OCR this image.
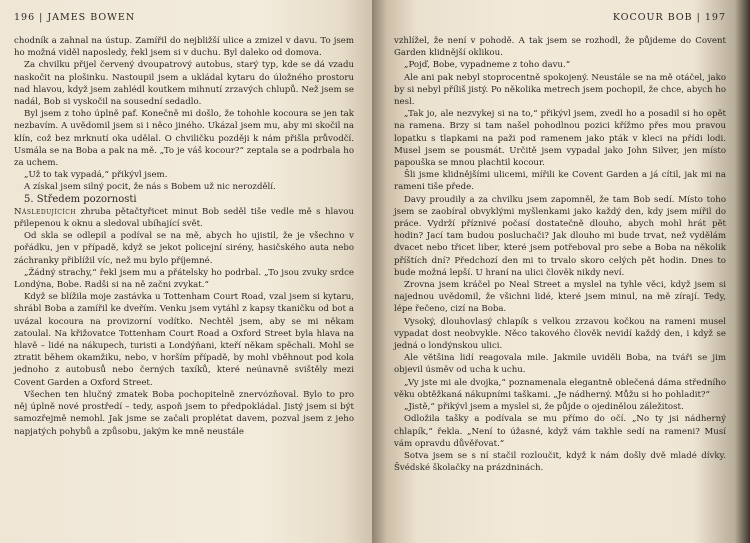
196 | JAMES BOWEN

chodník a zahnal na ústup. Zamířil do nejbližší ulice a zmizel v davu. To jsem ho možná viděl naposledy, řekl jsem si v duchu. Byl daleko od domova.

Za chvilku přijel červený dvoupatrový autobus, starý typ, kde se dá vzadu naskočit na plošinku. Nastoupil jsem a ukládal kytaru do úložného prostoru nad hlavou, když jsem zahlédl koutkem mihnutí zrzavých chlupů. Než jsem se nadál, Bob si vyskočil na sousední sedadlo.

Byl jsem z toho úplně paf. Konečně mi došlo, že tohohle kocoura se jen tak nezbavím. A uvědomil jsem si i něco jiného. Ukázal jsem mu, aby mi skočil na klín, což bez mrknutí oka udělal. O chviličku později k nám přišla průvodčí. Usmála se na Boba a pak na mě. „To je váš kocour?“ zeptala se a podrbala ho za uchem.

„Už to tak vypadá,“ přikývl jsem.

A získal jsem silný pocit, že nás s Bobem už nic nerozdělí.

5. Středem pozornosti

Následujících zhruba pětačtyřicet minut Bob seděl tiše vedle mě s hlavou přilepenou k oknu a sledoval ubíhající svět.

Od skla se odlepil a podíval se na mě, abych ho ujistil, že je všechno v pořádku, jen v případě, když se jekot policejní sirény, hasičského auta nebo záchranky přiblížil víc, než mu bylo příjemné.

„Žádný strachy,“ řekl jsem mu a přátelsky ho podrbal. „To jsou zvuky srdce Londýna, Bobe. Radši si na ně začni zvykat.“

Když se blížila moje zastávka u Tottenham Court Road, vzal jsem si kytaru, shrábl Boba a zamířil ke dveřím. Venku jsem vytáhl z kapsy tkaničku od bot a uvázal kocoura na provizorní vodítko. Nechtěl jsem, aby se mi někam zatoulal. Na křižovatce Tottenham Court Road a Oxford Street byla hlava na hlavě – lidé na nákupech, turisti a Londýňani, kteří někam spěchali. Mohl se ztratit během okamžiku, nebo, v horším případě, by mohl vběhnout pod kola jednoho z autobusů nebo černých taxíků, které neúnavně svištěly mezi Covent Garden a Oxford Street.

Všechen ten hlučný zmatek Boba pochopitelně znervózňoval. Bylo to pro něj úplně nové prostředí – tedy, aspoň jsem to předpokládal. Jistý jsem si být samozřejmě nemohl. Jak jsme se začali proplétat davem, pozval jsem z jeho napjatých pohybů a způsobu, jakým ke mně neustále

KOCOUR BOB | 197

vzhlížel, že není v pohodě. A tak jsem se rozhodl, že půjdeme do Covent Garden klidnější oklikou.

„Pojď, Bobe, vypadneme z toho davu.“

Ale ani pak nebyl stoprocentně spokojený. Neustále se na mě otáčel, jako by si nebyl příliš jistý. Po několika metrech jsem pochopil, že chce, abych ho nesl.

„Tak jo, ale nezvykej si na to,“ přikývl jsem, zvedl ho a posadil si ho opět na ramena. Brzy si tam našel pohodlnou pozici křížmo přes mou pravou lopatku s tlapkami na paži pod ramenem jako pták v kleci na přídi lodi. Musel jsem se pousmát. Určitě jsem vypadal jako John Silver, jen místo papouška se mnou plachtil kocour.

Šli jsme klidnějšími ulicemi, mířili ke Covent Garden a já cítil, jak mi na rameni tiše přede.

Davy proudily a za chvilku jsem zapomněl, že tam Bob sedí. Místo toho jsem se zaobíral obvyklými myšlenkami jako každý den, kdy jsem mířil do práce. Vydrží příznivé počasí dostatečně dlouho, abych mohl hrát pět hodin? Jací tam budou posluchači? Jak dlouho mi bude trvat, než vydělám dvacet nebo třicet liber, které jsem potřeboval pro sebe a Boba na několik příštích dní? Předchozí den mi to trvalo skoro celých pět hodin. Dnes to bude možná lepší. U hraní na ulici člověk nikdy neví.

Zrovna jsem kráčel po Neal Street a myslel na tyhle věci, když jsem si najednou uvědomil, že všichni lidé, které jsem minul, na mě zírají. Tedy, lépe řečeno, cizí na Boba.

Vysoký, dlouhovlasý chlapík s velkou zrzavou kočkou na rameni musel vypadat dost neobvykle. Něco takového člověk nevidí každý den, i když se jedná o londýnskou ulici.

Ale většina lidí reagovala mile. Jakmile uviděli Boba, na tváři se jim objevil úsměv od ucha k uchu.

„Vy jste mi ale dvojka,“ poznamenala elegantně oblečená dáma středního věku obtěžkaná nákupními taškami. „Je nádherný. Můžu si ho pohladit?“

„Jistě,“ přikývl jsem a myslel si, že půjde o ojedinělou záležitost.

Odložila tašky a podívala se mu přímo do očí. „No ty jsi nádherný chlapík,“ řekla. „Není to úžasné, když vám takhle sedí na rameni? Musí vám opravdu důvěřovat.“

Sotva jsem se s ní stačil rozloučit, když k nám došly dvě mladé dívky. Švédské školačky na prázdninách.
